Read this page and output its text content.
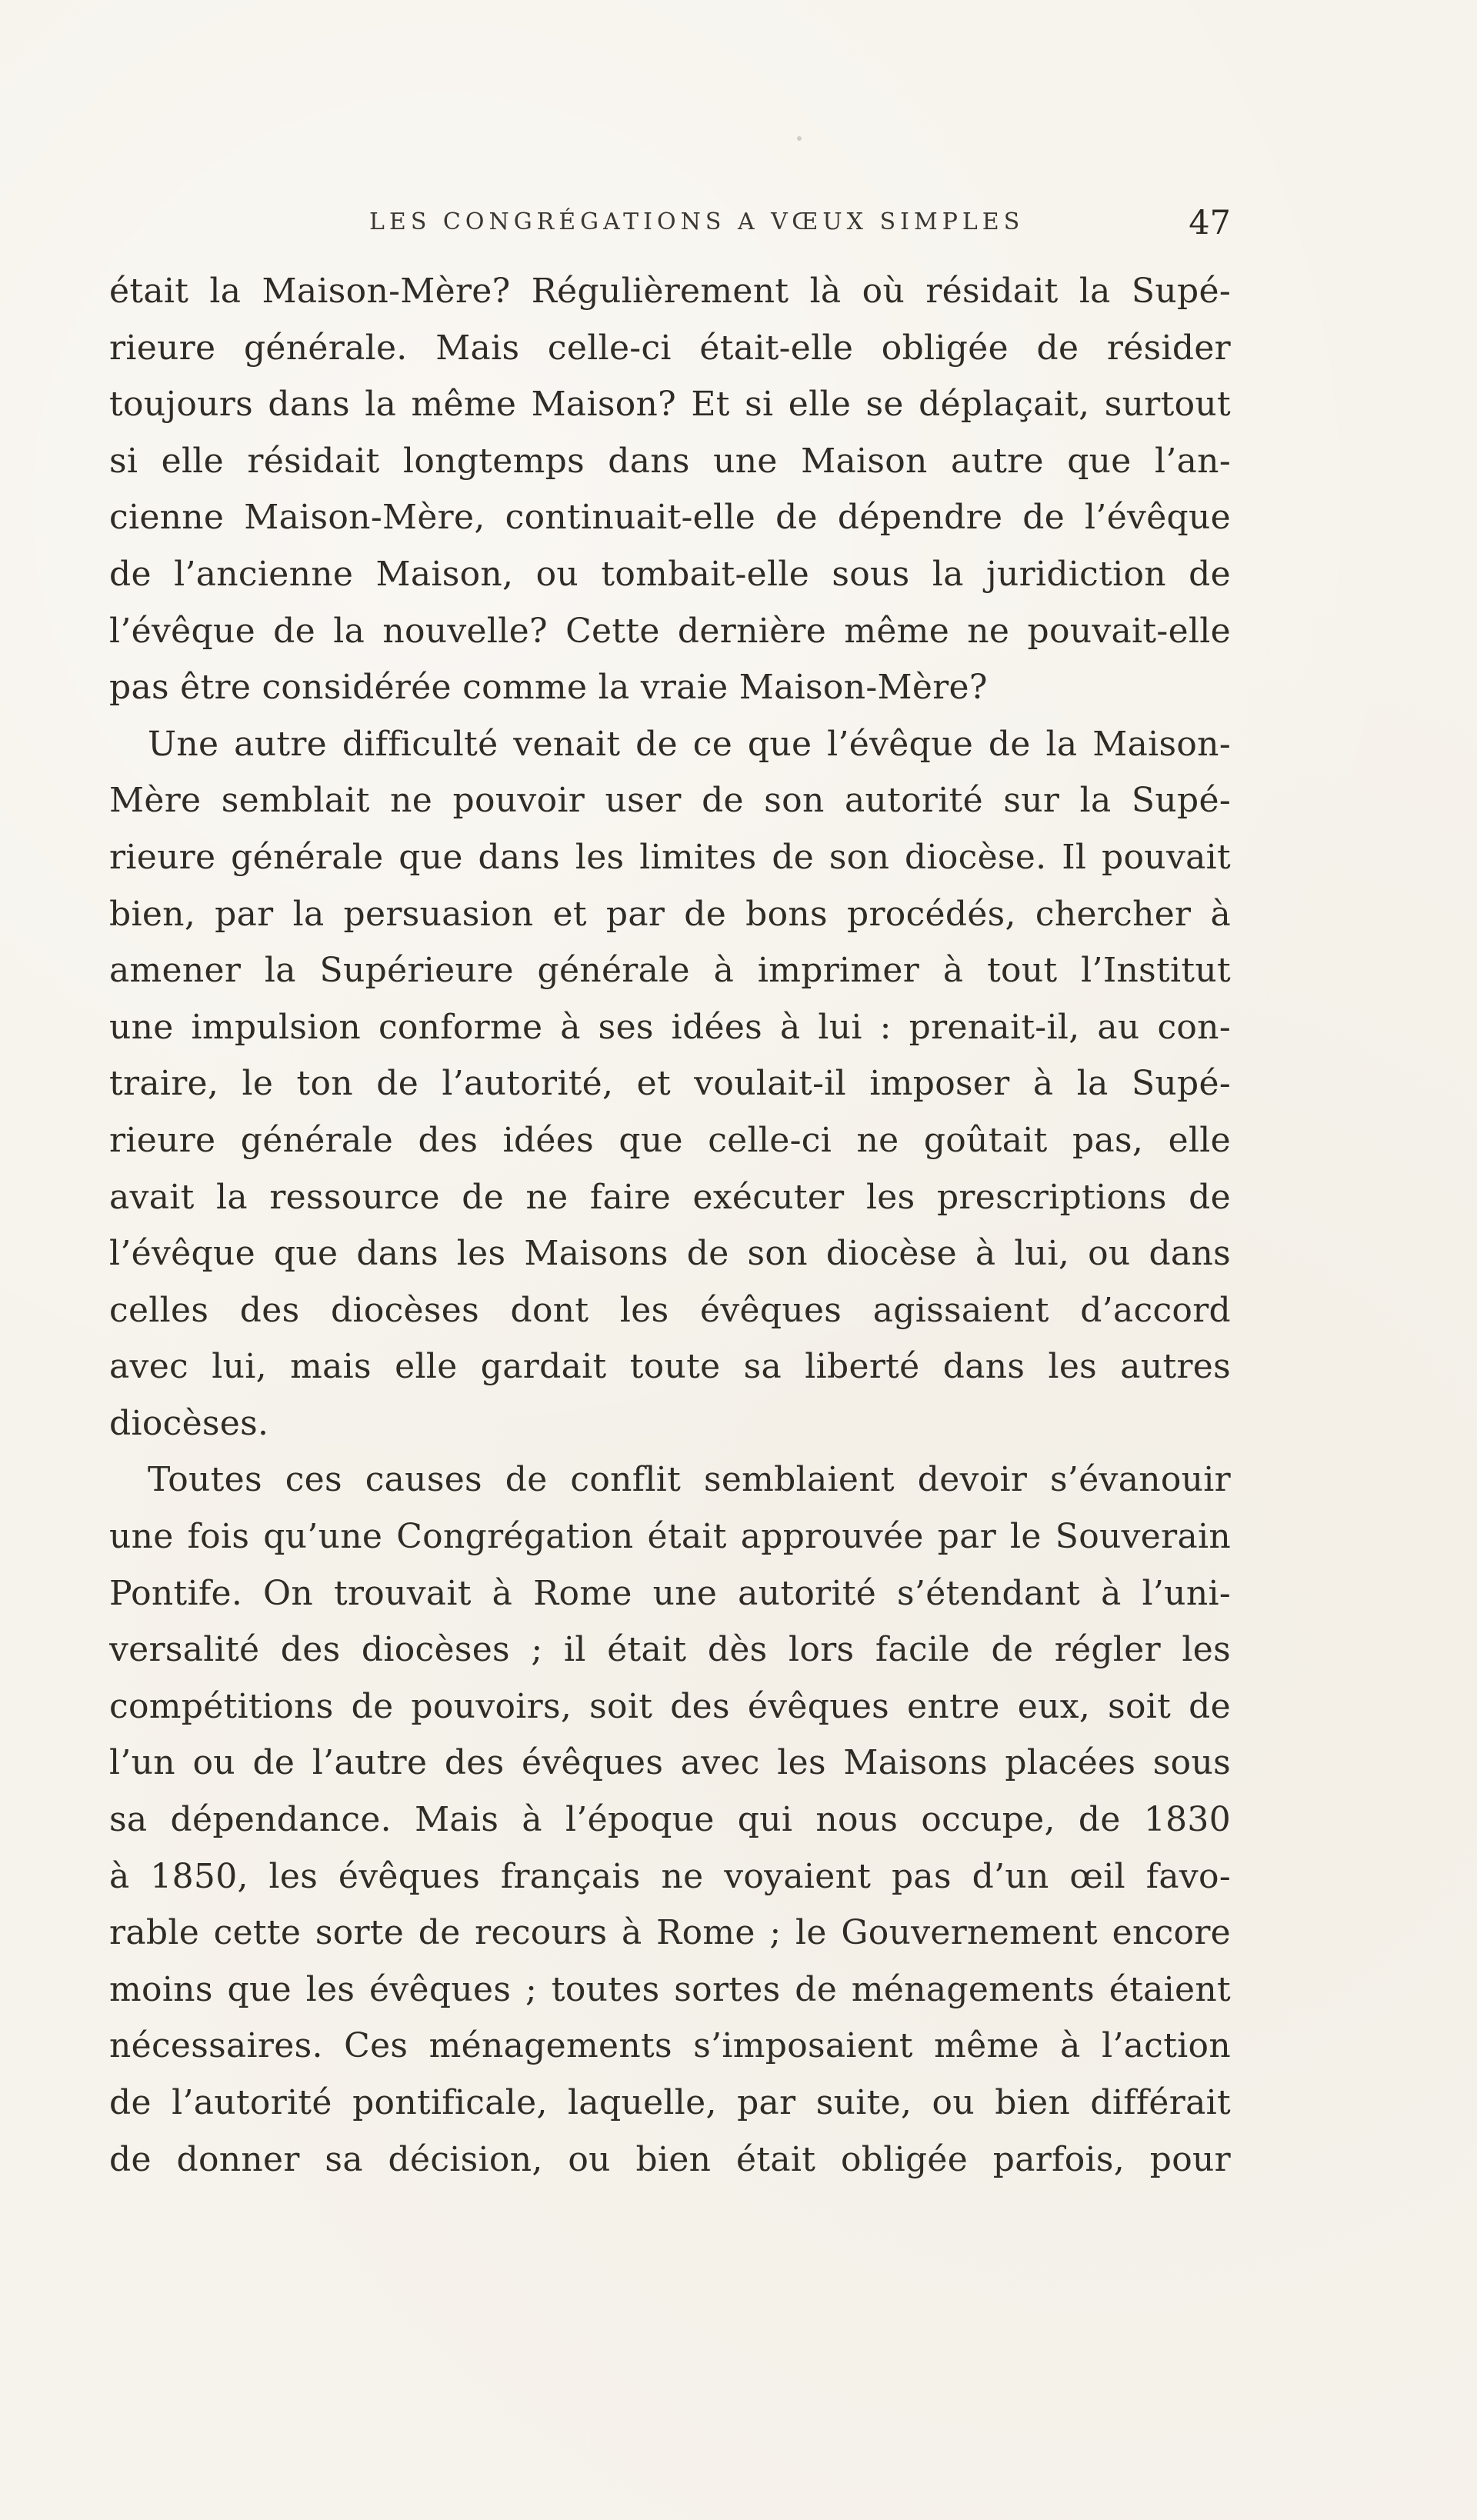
LES CONGRÉGATIONS A VŒUX SIMPLES	47
était la Maison-Mère? Régulièrement là où résidait la Supé-
rieure générale. Mais celle-ci était-elle obligée de résider
toujours dans la même Maison? Et si elle se déplaçait, surtout
si elle résidait longtemps dans une Maison autre que l’an-
cienne Maison-Mère, continuait-elle de dépendre de l’évêque
de l’ancienne Maison, ou tombait-elle sous la juridiction de
l’évêque de la nouvelle? Cette dernière même ne pouvait-elle
pas être considérée comme la vraie Maison-Mère?
Une autre difficulté venait de ce que l’évêque de la Maison-
Mère semblait ne pouvoir user de son autorité sur la Supé-
rieure générale que dans les limites de son diocèse. Il pouvait
bien, par la persuasion et par de bons procédés, chercher à
amener la Supérieure générale à imprimer à tout l’Institut
une impulsion conforme à ses idées à lui : prenait-il, au con-
traire, le ton de l’autorité, et voulait-il imposer à la Supé-
rieure générale des idées que celle-ci ne goûtait pas, elle
avait la ressource de ne faire exécuter les prescriptions de
l’évêque que dans les Maisons de son diocèse à lui, ou dans
celles des diocèses dont les évêques agissaient d’accord
avec lui, mais elle gardait toute sa liberté dans les autres
diocèses.
Toutes ces causes de conflit semblaient devoir s’évanouir
une fois qu’une Congrégation était approuvée par le Souverain
Pontife. On trouvait à Rome une autorité s’étendant à l’uni-
versalité des diocèses ; il était dès lors facile de régler les
compétitions de pouvoirs, soit des évêques entre eux, soit de
l’un ou de l’autre des évêques avec les Maisons placées sous
sa dépendance. Mais à l’époque qui nous occupe, de 1830
à 1850, les évêques français ne voyaient pas d’un œil favo-
rable cette sorte de recours à Rome ; le Gouvernement encore
moins que les évêques ; toutes sortes de ménagements étaient
nécessaires. Ces ménagements s’imposaient même à l’action
de l’autorité pontificale, laquelle, par suite, ou bien différait
de donner sa décision, ou bien était obligée parfois, pour
